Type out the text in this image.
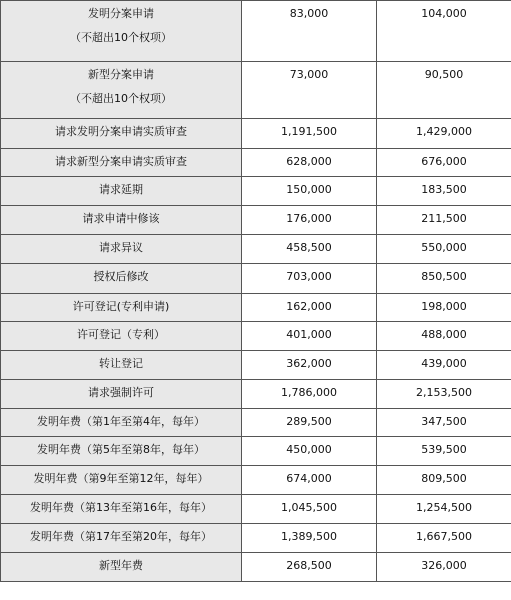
发明分案申请
（不超出10个权项）	83,000	104,000

新型分案申请
（不超出10个权项）	73,000	90,500

请求发明分案申请实质审查	1,191,500	1,429,000

请求新型分案申请实质审查	628,000	676,000

请求延期	150,000	183,500

请求申请中修该	176,000	211,500

请求异议	458,500	550,000

授权后修改	703,000	850,500

许可登记(专利申请)	162,000	198,000

许可登记（专利）	401,000	488,000

转让登记	362,000	439,000

请求强制许可	1,786,000	2,153,500

发明年费（第1年至第4年，每年）	289,500	347,500

发明年费（第5年至第8年，每年）	450,000	539,500

发明年费（第9年至第12年，每年）	674,000	809,500

发明年费（第13年至第16年，每年）	1,045,500	1,254,500

发明年费（第17年至第20年，每年）	1,389,500	1,667,500

新型年费	268,500	326,000
